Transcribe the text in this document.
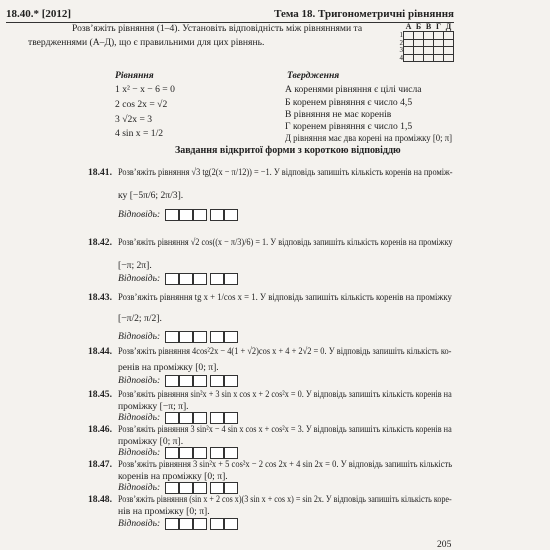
18.40.* [2012]	Тема 18. Тригонометричні рівняння
Розв’яжіть рівняння (1–4). Установіть відповідність між рівняннями та
твердженнями (А–Д), що є правильними для цих рівнянь.
	А	Б	В	Г	Д
1					
2					
3					
4					
Рівняння	Твердження
1 x² − x − 6 = 0
2 cos 2x = √2
3 √2x = 3
4 sin x = 1/2
А коренями рівняння є цілі числа
Б коренем рівняння є число 4,5
В рівняння не має коренів
Г коренем рівняння є число 1,5
Д рівняння має два корені на проміжку [0; π]
Завдання відкритої форми з короткою відповіддю
18.41. Розв’яжіть рівняння √3 tg(2(x − π/12)) = −1. У відповідь запишіть кількість коренів на проміж-
ку [−5π/6; 2π/3].
Відповідь:
18.42. Розв’яжіть рівняння √2 cos((x − π/3)/6) = 1. У відповідь запишіть кількість коренів на проміжку
[−π; 2π].
Відповідь:
18.43. Розв’яжіть рівняння tg x + 1/cos x = 1. У відповідь запишіть кількість коренів на проміжку
[−π/2; π/2].
Відповідь:
18.44. Розв’яжіть рівняння 4cos²2x − 4(1 + √2)cos x + 4 + 2√2 = 0. У відповідь запишіть кількість ко-
ренів на проміжку [0; π].
Відповідь:
18.45. Розв’яжіть рівняння sin²x + 3 sin x cos x + 2 cos²x = 0. У відповідь запишіть кількість коренів на
проміжку [−π; π].
Відповідь:
18.46. Розв’яжіть рівняння 3 sin²x − 4 sin x cos x + cos²x = 3. У відповідь запишіть кількість коренів на
проміжку [0; π].
Відповідь:
18.47. Розв’яжіть рівняння 3 sin²x + 5 cos²x − 2 cos 2x + 4 sin 2x = 0. У відповідь запишіть кількість
коренів на проміжку [0; π].
Відповідь:
18.48. Розв’яжіть рівняння (sin x + 2 cos x)(3 sin x + cos x) = sin 2x. У відповідь запишіть кількість коре-
нів на проміжку [0; π].
Відповідь:
205
